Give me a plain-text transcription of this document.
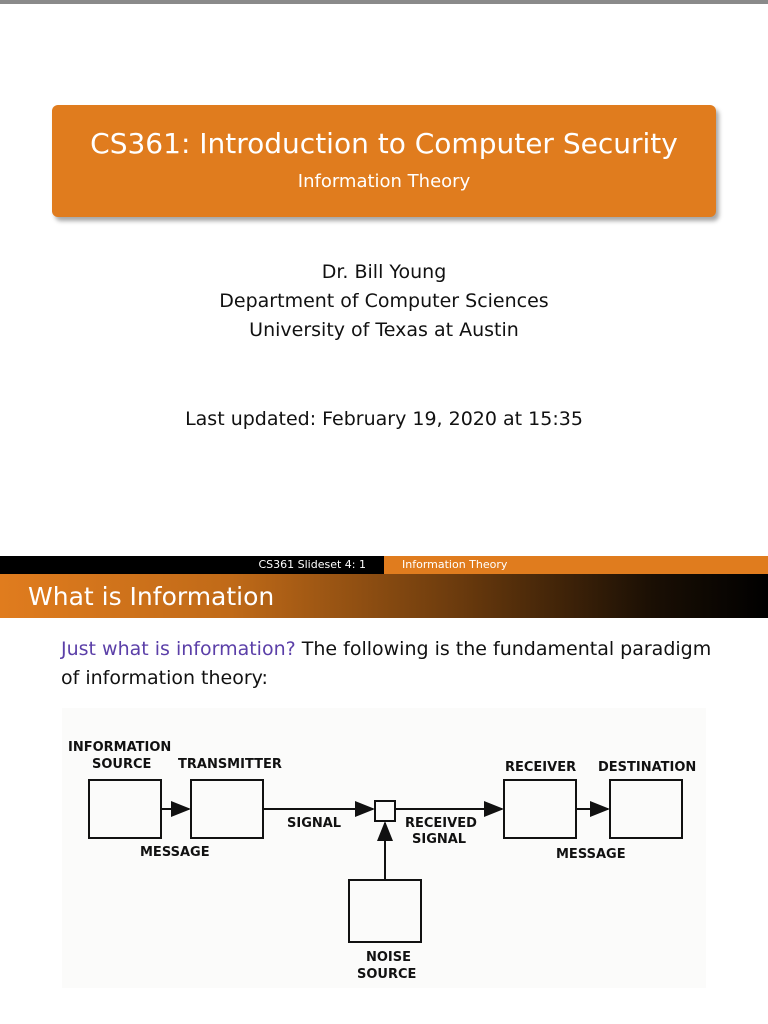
CS361: Introduction to Computer Security
Information Theory
Dr. Bill Young
Department of Computer Sciences
University of Texas at Austin
Last updated: February 19, 2020 at 15:35
CS361 Slideset 4: 1	Information Theory
What is Information
Just what is information? The following is the fundamental paradigm of information theory:
INFORMATION
SOURCE TRANSMITTER	RECEIVER DESTINATION
SIGNAL	RECEIVED
SIGNAL
MESSAGE	MESSAGE
NOISE
SOURCE
